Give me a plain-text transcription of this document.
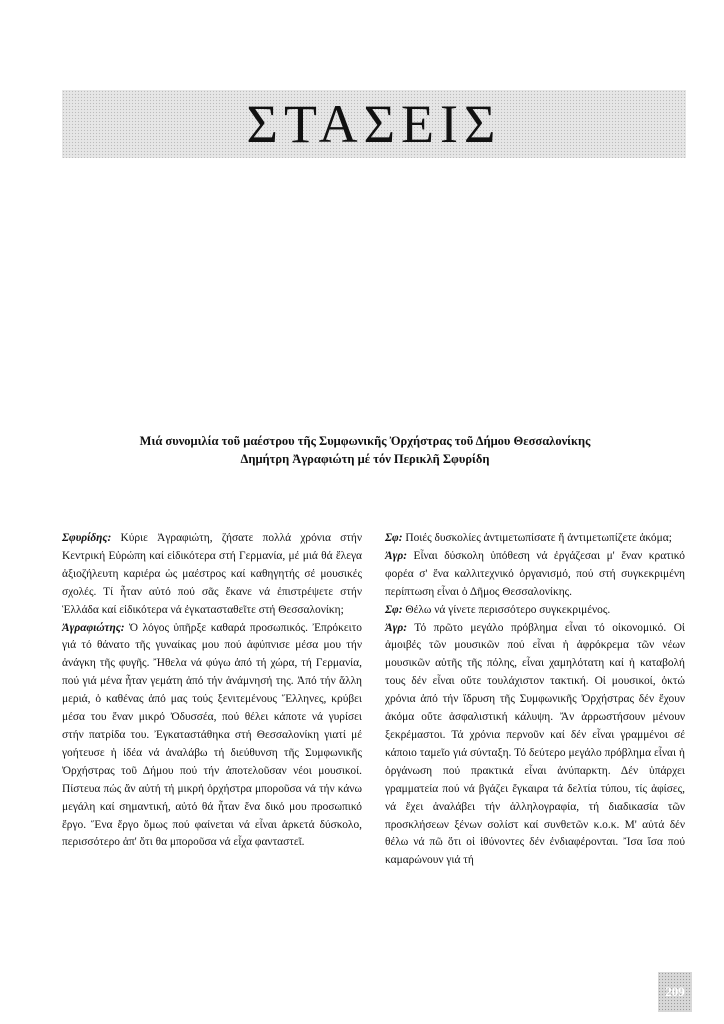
ΣΤΑΣΕΙΣ
Μιά συνομιλία τοῦ μαέστρου τῆς Συμφωνικῆς Ὀρχήστρας τοῦ Δήμου Θεσσαλονίκης
Δημήτρη Ἀγραφιώτη μέ τόν Περικλῆ Σφυρίδη

Σφυρίδης: Κύριε Ἀγραφιώτη, ζήσατε πολλά χρόνια στήν Κεντρική Εὐρώπη καί εἰδικότερα στή Γερμανία, μέ μιά θά ἔλεγα ἀξιοζήλευτη καριέρα ὡς μαέστρος καί καθηγητής σέ μουσικές σχολές. Τί ἦταν αὐτό πού σᾶς ἔκανε νά ἐπιστρέψετε στήν Ἑλλάδα καί εἰδικότερα νά ἐγκατασταθεῖτε στή Θεσσαλονίκη;

Ἀγραφιώτης: Ὁ λόγος ὑπῆρξε καθαρά προσωπικός. Ἐπρόκειτο γιά τό θάνατο τῆς γυναίκας μου πού ἀφύπνισε μέσα μου τήν ἀνάγκη τῆς φυγῆς. Ἤθελα νά φύγω ἀπό τή χώρα, τή Γερμανία, πού γιά μένα ἦταν γεμάτη ἀπό τήν ἀνάμνησή της. Ἀπό τήν ἄλλη μεριά, ὁ καθένας ἀπό μας τούς ξενιτεμένους Ἕλληνες, κρύβει μέσα του ἕναν μικρό Ὀδυσσέα, πού θέλει κάποτε νά γυρίσει στήν πατρίδα του. Ἐγκαταστάθηκα στή Θεσσαλονίκη γιατί μέ γοήτευσε ἡ ἰδέα νά ἀναλάβω τή διεύθυνση τῆς Συμφωνικῆς Ὀρχήστρας τοῦ Δήμου πού τήν ἀποτελοῦσαν νέοι μουσικοί. Πίστευα πώς ἄν αὐτή τή μικρή ὀρχήστρα μποροῦσα νά τήν κάνω μεγάλη καί σημαντική, αὐτό θά ἦταν ἕνα δικό μου προσωπικό ἔργο. Ἕνα ἔργο ὅμως πού φαίνεται νά εἶναι ἀρκετά δύσκολο, περισσότερο ἀπ' ὅτι θα μποροῦσα νά εἶχα φανταστεῖ.

Σφ: Ποιές δυσκολίες ἀντιμετωπίσατε ἤ ἀντιμετωπίζετε ἀκόμα;

Ἀγρ: Εἶναι δύσκολη ὑπόθεση νά ἐργάζεσαι μ' ἕναν κρατικό φορέα σ' ἕνα καλλιτεχνικό ὀργανισμό, πού στή συγκεκριμένη περίπτωση εἶναι ὁ Δῆμος Θεσσαλονίκης.

Σφ: Θέλω νά γίνετε περισσότερο συγκεκριμένος.

Ἀγρ: Τό πρῶτο μεγάλο πρόβλημα εἶναι τό οἰκονομικό. Οἱ ἀμοιβές τῶν μουσικῶν πού εἶναι ἡ ἀφρόκρεμα τῶν νέων μουσικῶν αὐτῆς τῆς πόλης, εἶναι χαμηλότατη καί ἡ καταβολή τους δέν εἶναι οὔτε τουλάχιστον τακτική. Οἱ μουσικοί, ὀκτώ χρόνια ἀπό τήν ἵδρυση τῆς Συμφωνικῆς Ὀρχήστρας δέν ἔχουν ἀκόμα οὔτε ἀσφαλιστική κάλυψη. Ἄν ἀρρωστήσουν μένουν ξεκρέμαστοι. Τά χρόνια περνοῦν καί δέν εἶναι γραμμένοι σέ κάποιο ταμεῖο γιά σύνταξη. Τό δεύτερο μεγάλο πρόβλημα εἶναι ἡ ὀργάνωση πού πρακτικά εἶναι ἀνύπαρκτη. Δέν ὑπάρχει γραμματεία πού νά βγάζει ἔγκαιρα τά δελτία τύπου, τίς ἀφίσες, νά ἔχει ἀναλάβει τήν ἀλληλογραφία, τή διαδικασία τῶν προσκλήσεων ξένων σολίστ καί συνθετῶν κ.ο.κ. Μ' αὐτά δέν θέλω νά πῶ ὅτι οἱ ἰθύνοντες δέν ἐνδιαφέρονται. Ἴσα ἴσα πού καμαρώνουν γιά τή

209
